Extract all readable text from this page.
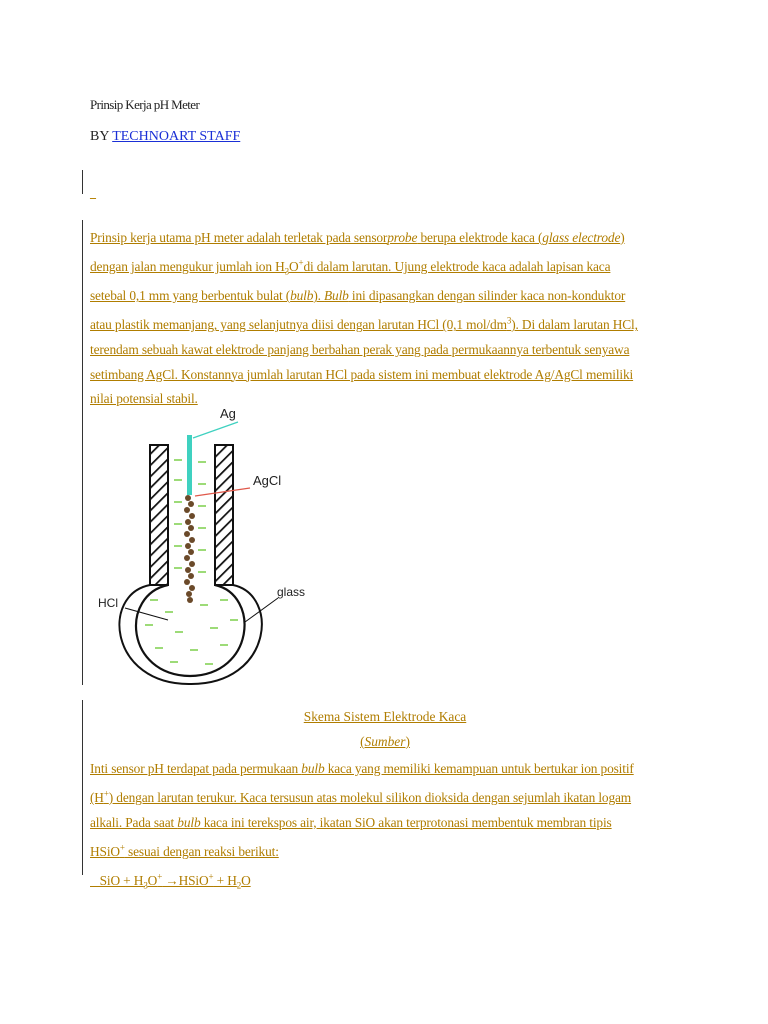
Prinsip Kerja pH Meter
BY TECHNOART STAFF
_
Prinsip kerja utama pH meter adalah terletak pada sensorprobe berupa elektrode kaca (glass electrode)
dengan jalan mengukur jumlah ion $H_3O^+di$ dalam larutan. Ujung elektrode kaca adalah lapisan kaca
setebal 0,1 mm yang berbentuk bulat (bulb). Bulb ini dipasangkan dengan silinder kaca non-konduktor
atau plastik memanjang, yang selanjutnya diisi dengan larutan HCl (0,1 mol/$dm^3$). Di dalam larutan HCl,
terendam sebuah kawat elektrode panjang berbahan perak yang pada permukaannya terbentuk senyawa
setimbang AgCl. Konstannya jumlah larutan HCl pada sistem ini membuat elektrode Ag/AgCl memiliki
nilai potensial stabil.
Ag
AgCl
HCl
glass
Skema Sistem Elektrode Kaca
(Sumber)
Inti sensor pH terdapat pada permukaan bulb kaca yang memiliki kemampuan untuk bertukar ion positif
(H+) dengan larutan terukur. Kaca tersusun atas molekul silikon dioksida dengan sejumlah ikatan logam
alkali. Pada saat bulb kaca ini terekspos air, ikatan SiO akan terprotonasi membentuk membran tipis
HSiO+ sesuai dengan reaksi berikut:
SiO + $H_3O^+$ →HSiO+ + $H_2O$
